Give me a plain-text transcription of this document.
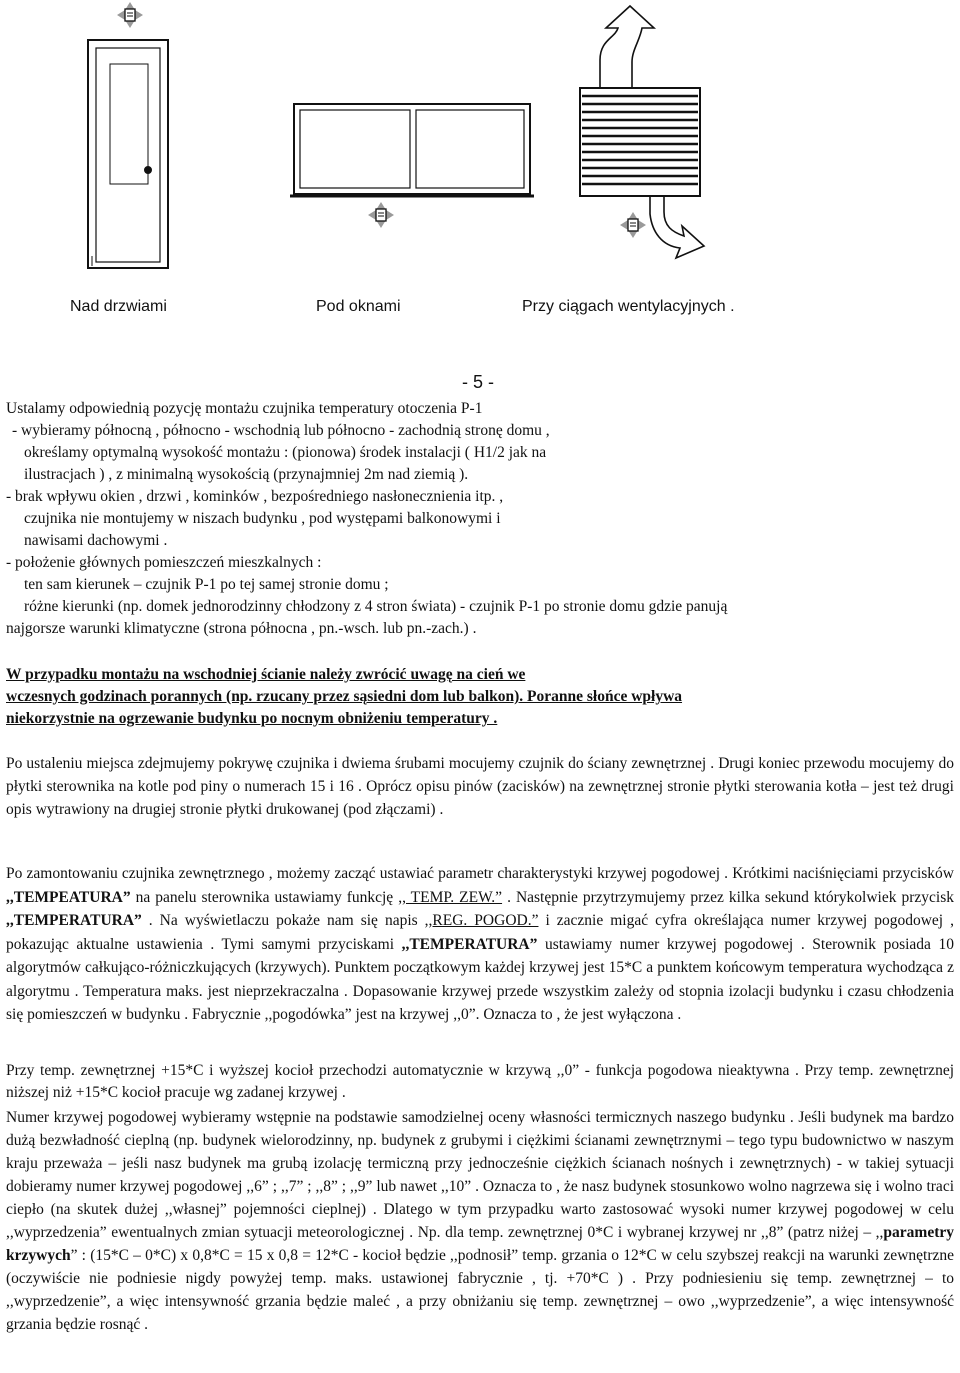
Nad drzwiami	Pod oknami	Przy ciągach wentylacyjnych .
- 5 -
Ustalamy odpowiednią pozycję montażu czujnika temperatury otoczenia P-1
- wybieramy północną , północno - wschodnią lub północno - zachodnią stronę domu ,
określamy optymalną wysokość montażu : (pionowa) środek instalacji ( H1/2 jak na
ilustracjach ) , z minimalną wysokością (przynajmniej 2m nad ziemią ).
- brak wpływu okien , drzwi , kominków , bezpośredniego nasłonecznienia itp. ,
czujnika nie montujemy w niszach budynku , pod występami balkonowymi i
nawisami dachowymi .
- położenie głównych pomieszczeń mieszkalnych :
ten sam kierunek – czujnik P-1 po tej samej stronie domu ;
różne kierunki (np. domek jednorodzinny chłodzony z 4 stron świata) - czujnik P-1 po stronie domu gdzie panują
najgorsze warunki klimatyczne (strona północna , pn.-wsch. lub pn.-zach.) .
W przypadku montażu na wschodniej ścianie należy zwrócić uwagę na cień we
wczesnych godzinach porannych (np. rzucany przez sąsiedni dom lub balkon). Poranne słońce wpływa
niekorzystnie na ogrzewanie budynku po nocnym obniżeniu temperatury .
Po ustaleniu miejsca zdejmujemy pokrywę czujnika i dwiema śrubami mocujemy czujnik do ściany zewnętrznej . Drugi koniec przewodu mocujemy do płytki sterownika na kotle pod piny o numerach 15 i 16 . Oprócz opisu pinów (zacisków) na zewnętrznej stronie płytki sterowania kotła – jest też drugi opis wytrawiony na drugiej stronie płytki drukowanej (pod złączami) .
Po zamontowaniu czujnika zewnętrznego , możemy zacząć ustawiać parametr charakterystyki krzywej pogodowej . Krótkimi naciśnięciami przycisków ,,TEMPEATURA” na panelu sterownika ustawiamy funkcję ,, TEMP. ZEW.” . Następnie przytrzymujemy przez kilka sekund którykolwiek przycisk ,,TEMPERATURA” . Na wyświetlaczu pokaże nam się napis ,,REG. POGOD.” i zacznie migać cyfra określająca numer krzywej pogodowej , pokazując aktualne ustawienia . Tymi samymi przyciskami ,,TEMPERATURA” ustawiamy numer krzywej pogodowej . Sterownik posiada 10 algorytmów całkująco-różniczkujących (krzywych). Punktem początkowym każdej krzywej jest 15*C a punktem końcowym temperatura wychodząca z algorytmu . Temperatura maks. jest nieprzekraczalna . Dopasowanie krzywej przede wszystkim zależy od stopnia izolacji budynku i czasu chłodzenia się pomieszczeń w budynku . Fabrycznie ,,pogodówka” jest na krzywej ,,0”. Oznacza to , że jest wyłączona .
Przy temp. zewnętrznej +15*C i wyższej kocioł przechodzi automatycznie w krzywą ,,0” - funkcja pogodowa nieaktywna . Przy temp. zewnętrznej niższej niż +15*C kocioł pracuje wg zadanej krzywej .
Numer krzywej pogodowej wybieramy wstępnie na podstawie samodzielnej oceny własności termicznych naszego budynku . Jeśli budynek ma bardzo dużą bezwładność cieplną (np. budynek wielorodzinny, np. budynek z grubymi i ciężkimi ścianami zewnętrznymi – tego typu budownictwo w naszym kraju przeważa – jeśli nasz budynek ma grubą izolację termiczną przy jednocześnie ciężkich ścianach nośnych i zewnętrznych) - w takiej sytuacji dobieramy numer krzywej pogodowej ,,6” ; ,,7” ; ,,8” ; ,,9” lub nawet ,,10” . Oznacza to , że nasz budynek stosunkowo wolno nagrzewa się i wolno traci ciepło (na skutek dużej ,,własnej” pojemności cieplnej) . Dlatego w tym przypadku warto zastosować wysoki numer krzywej pogodowej w celu ,,wyprzedzenia” ewentualnych zmian sytuacji meteorologicznej . Np. dla temp. zewnętrznej 0*C i wybranej krzywej nr ,,8” (patrz niżej – ,,parametry krzywych” : (15*C – 0*C) x 0,8*C = 15 x 0,8 = 12*C - kocioł będzie ,,podnosił” temp. grzania o 12*C w celu szybszej reakcji na warunki zewnętrzne (oczywiście nie podniesie nigdy powyżej temp. maks. ustawionej fabrycznie , tj. +70*C ) . Przy podniesieniu się temp. zewnętrznej – to ,,wyprzedzenie”, a więc intensywność grzania będzie maleć , a przy obniżaniu się temp. zewnętrznej – owo ,,wyprzedzenie”, a więc intensywność grzania będzie rosnąć .
